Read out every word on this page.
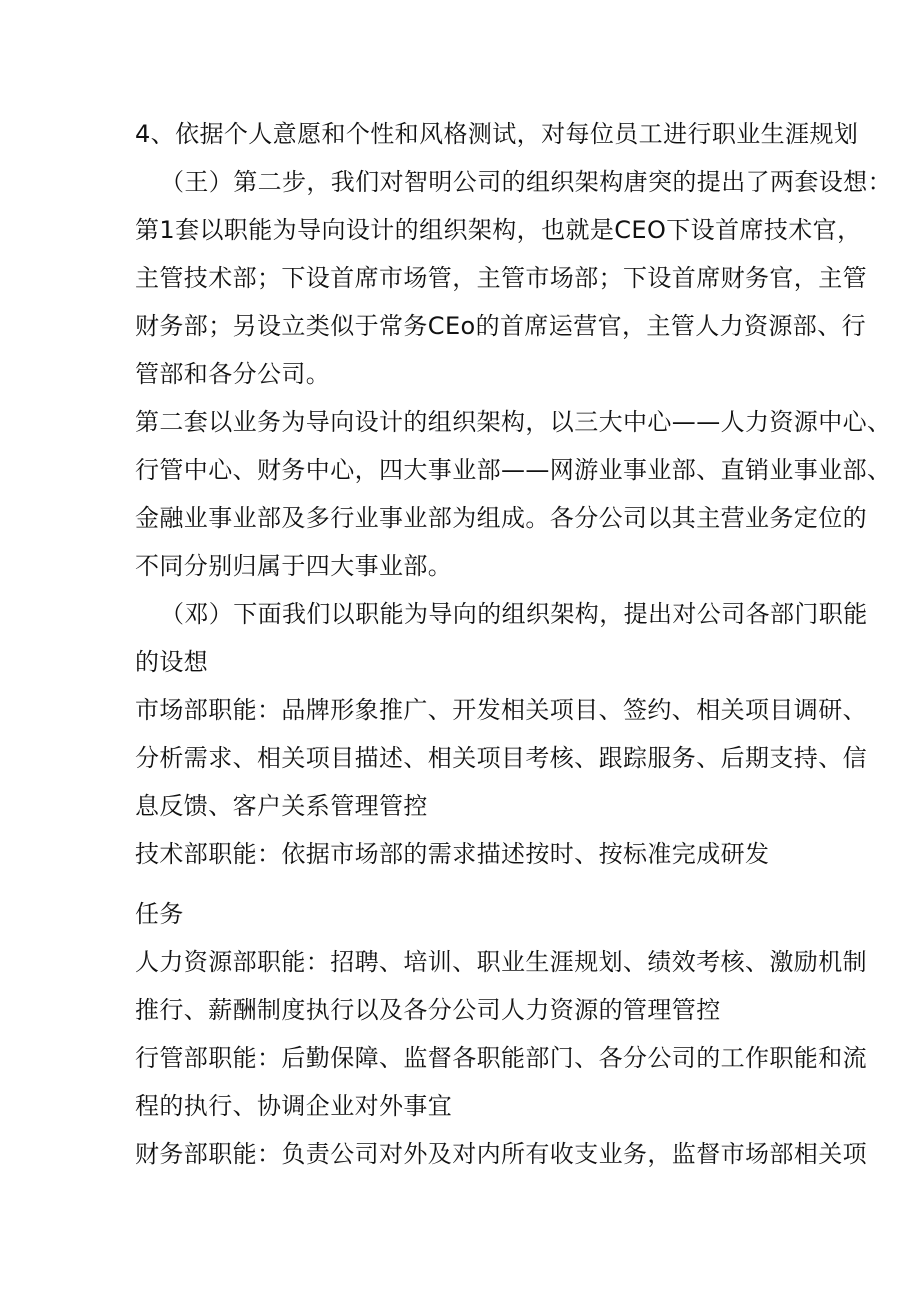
4、依据个人意愿和个性和风格测试，对每位员工进行职业生涯规划
（王）第二步，我们对智明公司的组织架构唐突的提出了两套设想：
第1套以职能为导向设计的组织架构，也就是CEO下设首席技术官，
主管技术部；下设首席市场管，主管市场部；下设首席财务官，主管
财务部；另设立类似于常务CEo的首席运营官，主管人力资源部、行
管部和各分公司。
第二套以业务为导向设计的组织架构，以三大中心——人力资源中心、
行管中心、财务中心，四大事业部——网游业事业部、直销业事业部、
金融业事业部及多行业事业部为组成。各分公司以其主营业务定位的
不同分别归属于四大事业部。
（邓）下面我们以职能为导向的组织架构，提出对公司各部门职能
的设想
市场部职能：品牌形象推广、开发相关项目、签约、相关项目调研、
分析需求、相关项目描述、相关项目考核、跟踪服务、后期支持、信
息反馈、客户关系管理管控
技术部职能：依据市场部的需求描述按时、按标准完成研发
任务
人力资源部职能：招聘、培训、职业生涯规划、绩效考核、激励机制
推行、薪酬制度执行以及各分公司人力资源的管理管控
行管部职能：后勤保障、监督各职能部门、各分公司的工作职能和流
程的执行、协调企业对外事宜
财务部职能：负责公司对外及对内所有收支业务，监督市场部相关项
